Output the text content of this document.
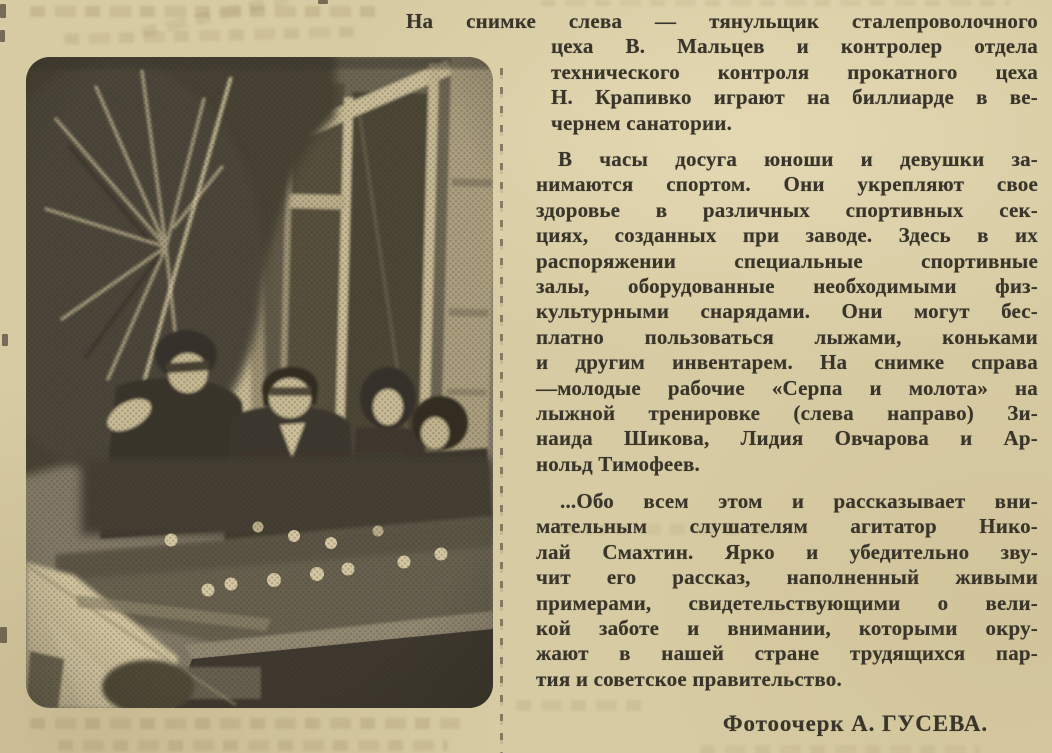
На снимке слева — тянульщик сталепроволочного
цеха В. Мальцев и контролер отдела
технического контроля прокатного цеха
Н. Крапивко играют на биллиарде в ве-
чернем санатории.
В часы досуга юноши и девушки за-
нимаются спортом. Они укрепляют свое
здоровье в различных спортивных сек-
циях, созданных при заводе. Здесь в их
распоряжении специальные спортивные
залы, оборудованные необходимыми физ-
культурными снарядами. Они могут бес-
платно пользоваться лыжами, коньками
и другим инвентарем. На снимке справа
—молодые рабочие «Серпа и молота» на
лыжной тренировке (слева направо) Зи-
наида Шикова, Лидия Овчарова и Ар-
нольд Тимофеев.
...Обо всем этом и рассказывает вни-
мательным слушателям агитатор Нико-
лай Смахтин. Ярко и убедительно зву-
чит его рассказ, наполненный живыми
примерами, свидетельствующими о вели-
кой заботе и внимании, которыми окру-
жают в нашей стране трудящихся пар-
тия и советское правительство.
Фотоочерк А. ГУСЕВА.
